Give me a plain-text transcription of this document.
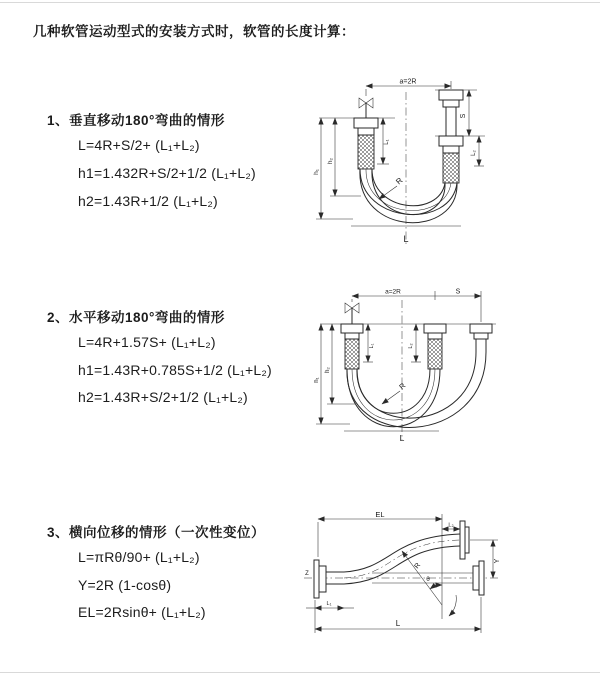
几种软管运动型式的安装方式时，软管的长度计算：
1、垂直移动180°弯曲的情形
L=4R+S/2+ (L₁+L₂)
h1=1.432R+S/2+1/2 (L₁+L₂)
h2=1.43R+1/2 (L₁+L₂)
2、水平移动180°弯曲的情形
L=4R+1.57S+ (L₁+L₂)
h1=1.43R+0.785S+1/2 (L₁+L₂)
h2=1.43R+S/2+1/2 (L₁+L₂)
3、横向位移的情形（一次性变位）
L=πRθ/90+ (L₁+L₂)
Y=2R (1-cosθ)
EL=2Rsinθ+ (L₁+L₂)
a=2R
S
L₂
L₁
h₁
h₂
R
L
a=2R	S
L₁	L₂
h₁
h₂
R
L
EL
L₂
Y
R
θ
L
L₁
Z
